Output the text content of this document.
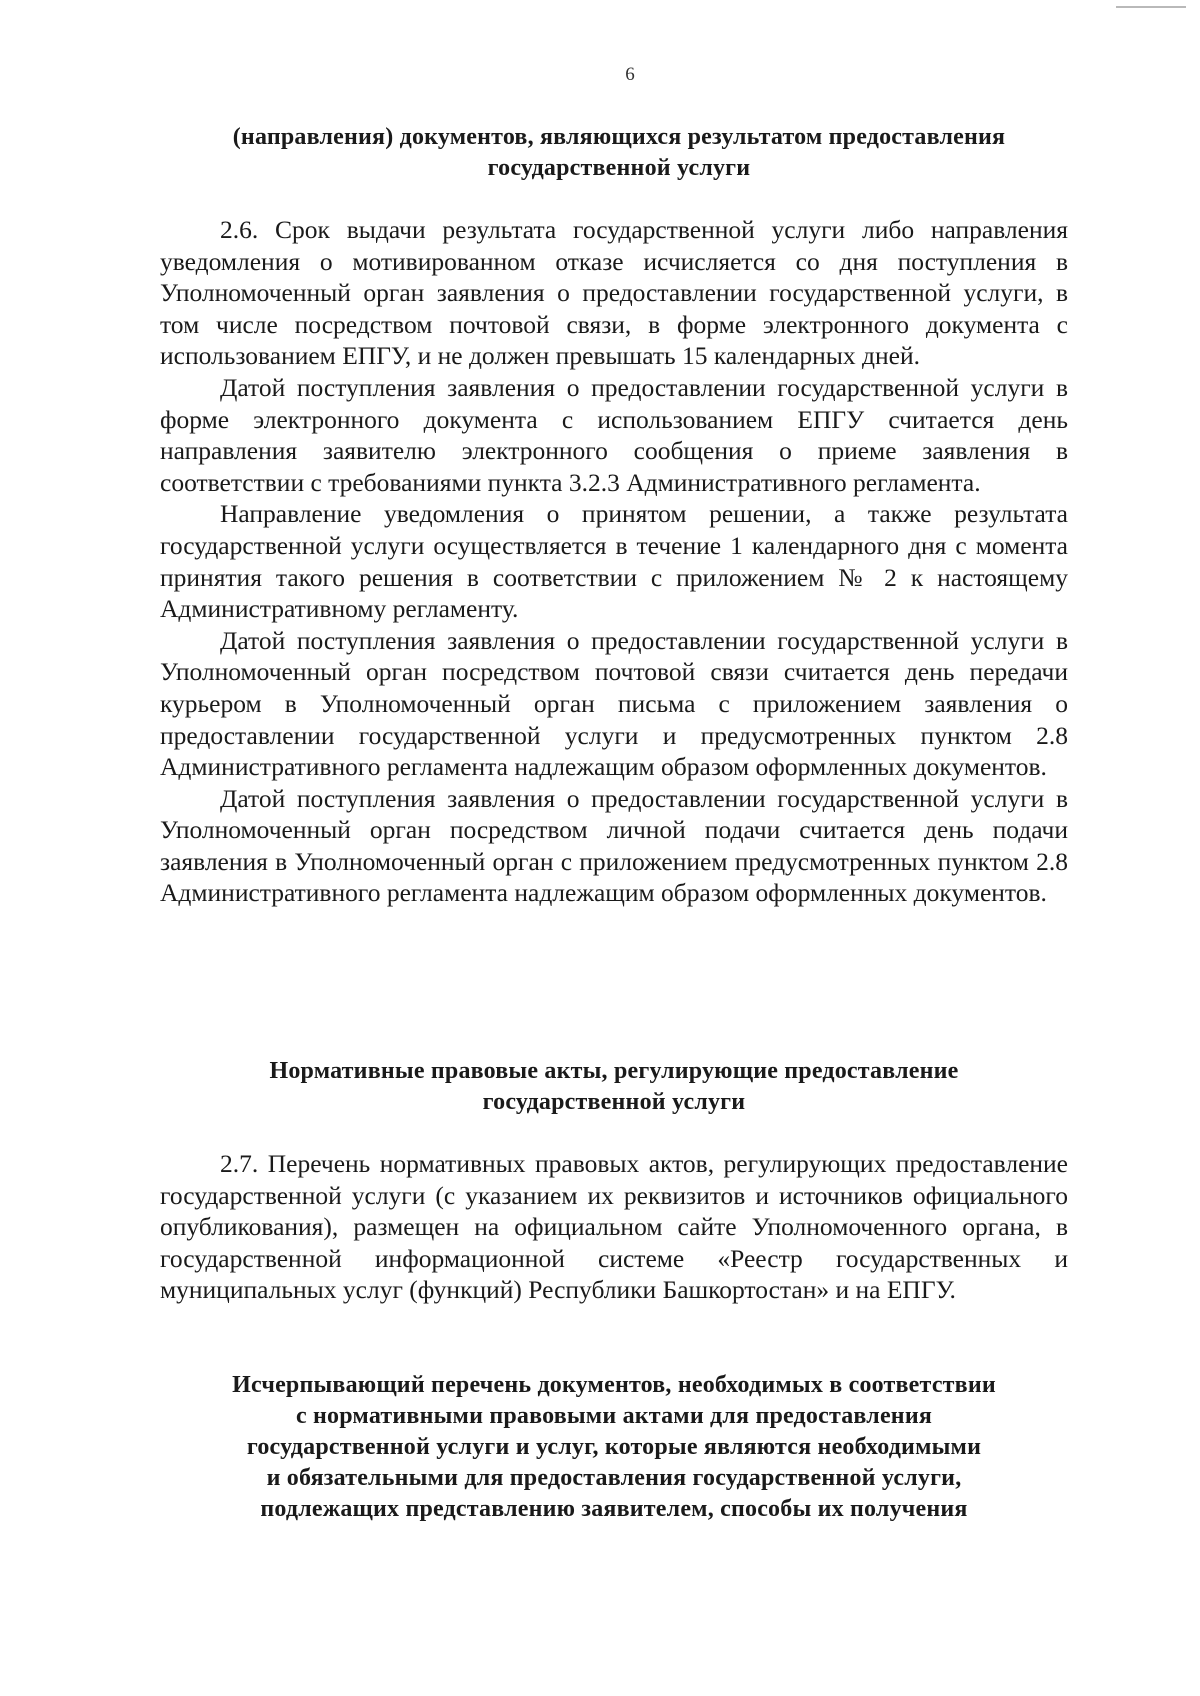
6

(направления) документов, являющихся результатом предоставления

государственной услуги

2.6. Срок выдачи результата государственной услуги либо направления уведомления о мотивированном отказе исчисляется со дня поступления в Уполномоченный орган заявления о предоставлении государственной услуги, в том числе посредством почтовой связи, в форме электронного документа с использованием ЕПГУ, и не должен превышать 15 календарных дней.

Датой поступления заявления о предоставлении государственной услуги в форме электронного документа с использованием ЕПГУ считается день направления заявителю электронного сообщения о приеме заявления в соответствии с требованиями пункта 3.2.3 Административного регламента.

Направление уведомления о принятом решении, а также результата государственной услуги осуществляется в течение 1 календарного дня с момента принятия такого решения в соответствии с приложением № 2 к настоящему Административному регламенту.

Датой поступления заявления о предоставлении государственной услуги в Уполномоченный орган посредством почтовой связи считается день передачи курьером в Уполномоченный орган письма с приложением заявления о предоставлении государственной услуги и предусмотренных пунктом 2.8 Административного регламента надлежащим образом оформленных документов.

Датой поступления заявления о предоставлении государственной услуги в Уполномоченный орган посредством личной подачи считается день подачи заявления в Уполномоченный орган с приложением предусмотренных пунктом 2.8 Административного регламента надлежащим образом оформленных документов.

Нормативные правовые акты, регулирующие предоставление

государственной услуги

2.7. Перечень нормативных правовых актов, регулирующих предоставление государственной услуги (с указанием их реквизитов и источников официального опубликования), размещен на официальном сайте Уполномоченного органа, в государственной информационной системе «Реестр государственных и муниципальных услуг (функций) Республики Башкортостан» и на ЕПГУ.

Исчерпывающий перечень документов, необходимых в соответствии

с нормативными правовыми актами для предоставления

государственной услуги и услуг, которые являются необходимыми

и обязательными для предоставления государственной услуги,

подлежащих представлению заявителем, способы их получения
